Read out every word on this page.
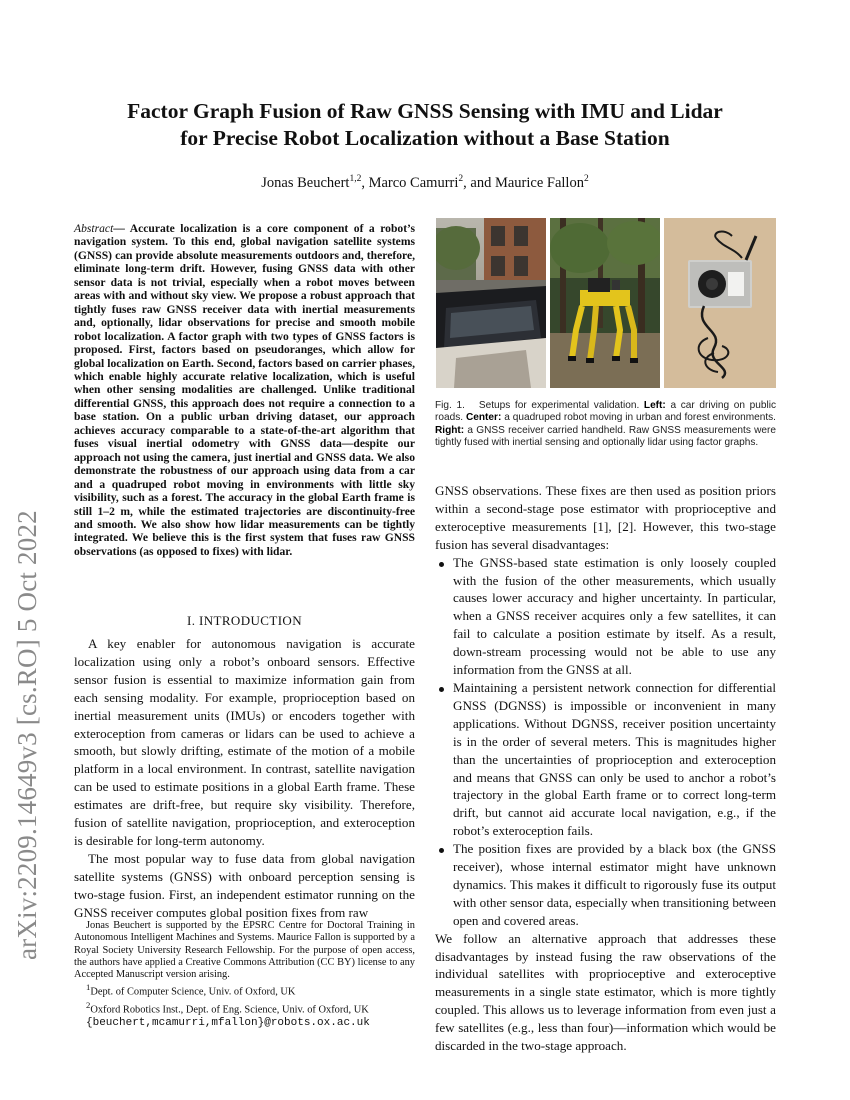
arXiv:2209.14649v3 [cs.RO] 5 Oct 2022
Factor Graph Fusion of Raw GNSS Sensing with IMU and Lidar
for Precise Robot Localization without a Base Station
Jonas Beuchert$^{1,2}$, Marco Camurri$^2$, and Maurice Fallon$^2$
Abstract— Accurate localization is a core component of a robot’s navigation system. To this end, global navigation satellite systems (GNSS) can provide absolute measurements outdoors and, therefore, eliminate long-term drift. However, fusing GNSS data with other sensor data is not trivial, especially when a robot moves between areas with and without sky view. We propose a robust approach that tightly fuses raw GNSS receiver data with inertial measurements and, optionally, lidar observations for precise and smooth mobile robot localization. A factor graph with two types of GNSS factors is proposed. First, factors based on pseudoranges, which allow for global localization on Earth. Second, factors based on carrier phases, which enable highly accurate relative localization, which is useful when other sensing modalities are challenged. Unlike traditional differential GNSS, this approach does not require a connection to a base station. On a public urban driving dataset, our approach achieves accuracy comparable to a state-of-the-art algorithm that fuses visual inertial odometry with GNSS data—despite our approach not using the camera, just inertial and GNSS data. We also demonstrate the robustness of our approach using data from a car and a quadruped robot moving in environments with little sky visibility, such as a forest. The accuracy in the global Earth frame is still 1–2 m, while the estimated trajectories are discontinuity-free and smooth. We also show how lidar measurements can be tightly integrated. We believe this is the first system that fuses raw GNSS observations (as opposed to fixes) with lidar.
I. INTRODUCTION

A key enabler for autonomous navigation is accurate localization using only a robot’s onboard sensors. Effective sensor fusion is essential to maximize information gain from each sensing modality. For example, proprioception based on inertial measurement units (IMUs) or encoders together with exteroception from cameras or lidars can be used to achieve a smooth, but slowly drifting, estimate of the motion of a mobile platform in a local environment. In contrast, satellite navigation can be used to estimate positions in a global Earth frame. These estimates are drift-free, but require sky visibility. Therefore, fusion of satellite navigation, proprioception, and exteroception is desirable for long-term autonomy.

The most popular way to fuse data from global navigation satellite systems (GNSS) with onboard perception sensing is two-stage fusion. First, an independent estimator running on the GNSS receiver computes global position fixes from raw

Jonas Beuchert is supported by the EPSRC Centre for Doctoral Training in Autonomous Intelligent Machines and Systems. Maurice Fallon is supported by a Royal Society University Research Fellowship. For the purpose of open access, the authors have applied a Creative Commons Attribution (CC BY) license to any Accepted Manuscript version arising.

$^1$Dept. of Computer Science, Univ. of Oxford, UK

$^2$Oxford Robotics Inst., Dept. of Eng. Science, Univ. of Oxford, UK

{beuchert,mcamurri,mfallon}@robots.ox.ac.uk

Fig. 1. Setups for experimental validation. Left: a car driving on public roads. Center: a quadruped robot moving in urban and forest environments. Right: a GNSS receiver carried handheld. Raw GNSS measurements were tightly fused with inertial sensing and optionally lidar using factor graphs.

GNSS observations. These fixes are then used as position priors within a second-stage pose estimator with proprioceptive and exteroceptive measurements [1], [2]. However, this two-stage fusion has several disadvantages:

The GNSS-based state estimation is only loosely coupled with the fusion of the other measurements, which usually causes lower accuracy and higher uncertainty. In particular, when a GNSS receiver acquires only a few satellites, it can fail to calculate a position estimate by itself. As a result, down-stream processing would not be able to use any information from the GNSS at all.
Maintaining a persistent network connection for differential GNSS (DGNSS) is impossible or inconvenient in many applications. Without DGNSS, receiver position uncertainty is in the order of several meters. This is magnitudes higher than the uncertainties of proprioception and exteroception and means that GNSS can only be used to anchor a robot’s trajectory in the global Earth frame or to correct long-term drift, but cannot aid accurate local navigation, e.g., if the robot’s exteroception fails.
The position fixes are provided by a black box (the GNSS receiver), whose internal estimator might have unknown dynamics. This makes it difficult to rigorously fuse its output with other sensor data, especially when transitioning between open and covered areas.

We follow an alternative approach that addresses these disadvantages by instead fusing the raw observations of the individual satellites with proprioceptive and exteroceptive measurements in a single state estimator, which is more tightly coupled. This allows us to leverage information from even just a few satellites (e.g., less than four)—information which would be discarded in the two-stage approach.
